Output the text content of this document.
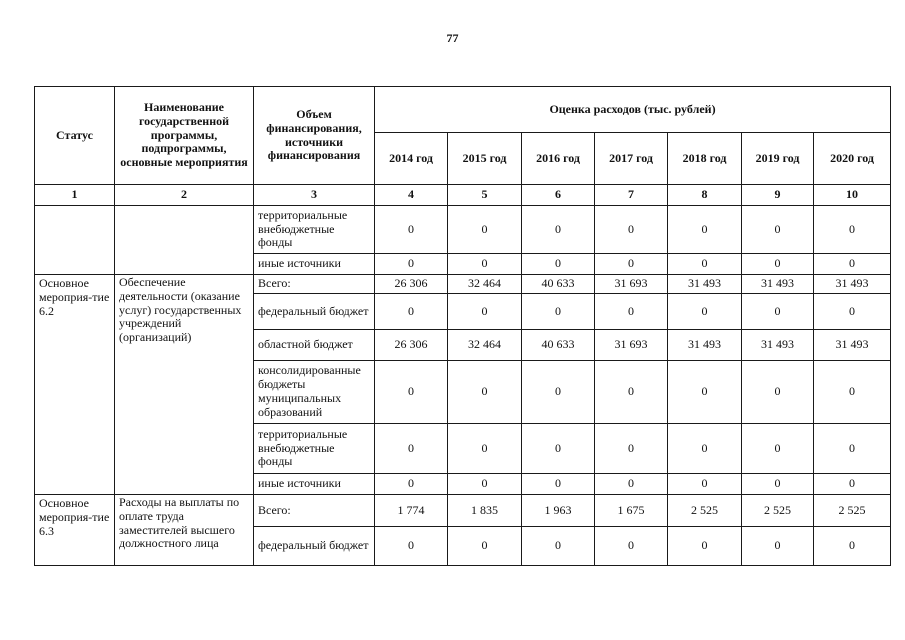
77
Статус	Наименование государственной программы, подпрограммы, основные мероприятия	Объем финансирования, источники финансирования	Оценка расходов (тыс. рублей)						
			2014 год	2015 год	2016 год	2017 год	2018 год	2019 год	2020 год
1	2	3	4	5	6	7	8	9	10
		территориальные внебюджетные фонды	0	0	0	0	0	0	0
		иные источники	0	0	0	0	0	0	0
Основное мероприя-тие 6.2	Обеспечение деятельности (оказание услуг) государственных учреждений (организаций)	Всего:	26 306	32 464	40 633	31 693	31 493	31 493	31 493
		федеральный бюджет	0	0	0	0	0	0	0
		областной бюджет	26 306	32 464	40 633	31 693	31 493	31 493	31 493
		консолидированные бюджеты муниципальных образований	0	0	0	0	0	0	0
		территориальные внебюджетные фонды	0	0	0	0	0	0	0
		иные источники	0	0	0	0	0	0	0
Основное мероприя-тие 6.3	Расходы на выплаты по оплате труда заместителей высшего должностного лица	Всего:	1 774	1 835	1 963	1 675	2 525	2 525	2 525
		федеральный бюджет	0	0	0	0	0	0	0
